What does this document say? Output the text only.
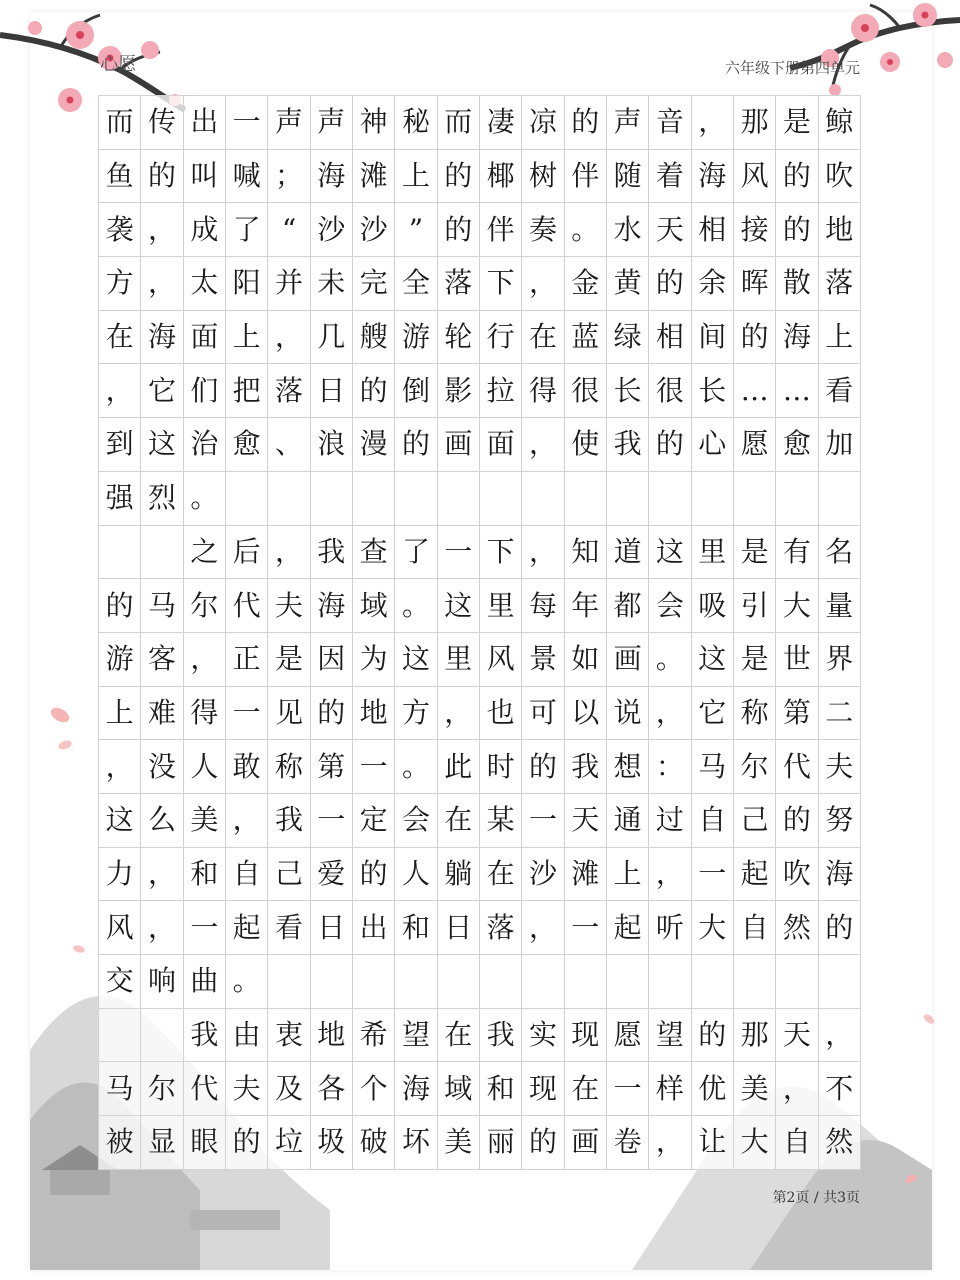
心愿	六年级下册第四单元
而 传 出 一 声 声 神 秘 而 凄 凉 的 声 音 ， 那 是 鲸
鱼 的 叫 喊 ； 海 滩 上 的 椰 树 伴 随 着 海 风 的 吹
袭 ， 成 了 “ 沙 沙 ” 的 伴 奏 。 水 天 相 接 的 地
方 ， 太 阳 并 未 完 全 落 下 ， 金 黄 的 余 晖 散 落
在 海 面 上 ， 几 艘 游 轮 行 在 蓝 绿 相 间 的 海 上
， 它 们 把 落 日 的 倒 影 拉 得 很 长 很 长 … … 看
到 这 治 愈 、 浪 漫 的 画 面 ， 使 我 的 心 愿 愈 加
强 烈 。
之 后 ， 我 查 了 一 下 ， 知 道 这 里 是 有 名
的 马 尔 代 夫 海 域 。 这 里 每 年 都 会 吸 引 大 量
游 客 ， 正 是 因 为 这 里 风 景 如 画 。 这 是 世 界
上 难 得 一 见 的 地 方 ， 也 可 以 说 ， 它 称 第 二
， 没 人 敢 称 第 一 。 此 时 的 我 想 ： 马 尔 代 夫
这 么 美 ， 我 一 定 会 在 某 一 天 通 过 自 己 的 努
力 ， 和 自 己 爱 的 人 躺 在 沙 滩 上 ， 一 起 吹 海
风 ， 一 起 看 日 出 和 日 落 ， 一 起 听 大 自 然 的
交 响 曲 。
我 由 衷 地 希 望 在 我 实 现 愿 望 的 那 天 ，
马 尔 代 夫 及 各 个 海 域 和 现 在 一 样 优 美 ， 不
被 显 眼 的 垃 圾 破 坏 美 丽 的 画 卷 ， 让 大 自 然
第2页 / 共3页
